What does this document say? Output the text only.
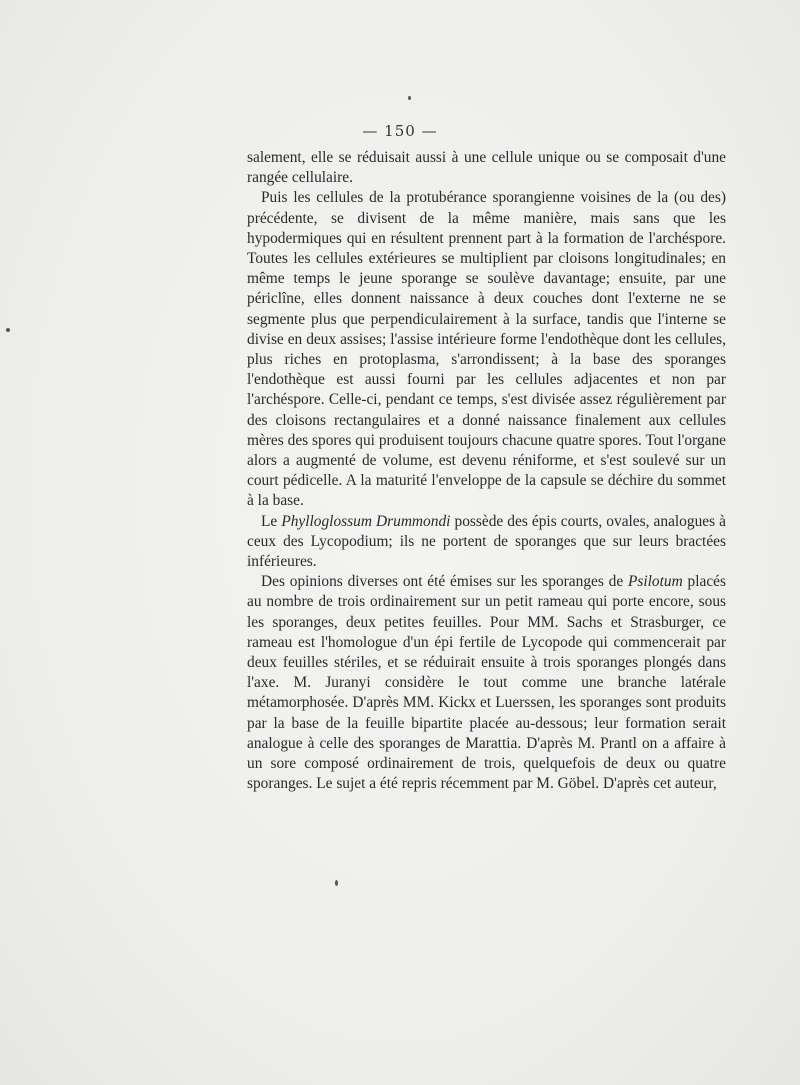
— 150 —

salement, elle se réduisait aussi à une cellule unique ou se composait d'une rangée cellulaire.

Puis les cellules de la protubérance sporangienne voisines de la (ou des) précédente, se divisent de la même manière, mais sans que les hypodermiques qui en résultent prennent part à la formation de l'archéspore. Toutes les cellules extérieures se multiplient par cloisons longitudinales; en même temps le jeune sporange se soulève davantage; ensuite, par une périclîne, elles donnent naissance à deux couches dont l'externe ne se segmente plus que perpendiculairement à la surface, tandis que l'interne se divise en deux assises; l'assise intérieure forme l'endothèque dont les cellules, plus riches en protoplasma, s'arrondissent; à la base des sporanges l'endothèque est aussi fourni par les cellules adjacentes et non par l'archéspore. Celle-ci, pendant ce temps, s'est divisée assez régulièrement par des cloisons rectangulaires et a donné naissance finalement aux cellules mères des spores qui produisent toujours chacune quatre spores. Tout l'organe alors a augmenté de volume, est devenu réniforme, et s'est soulevé sur un court pédicelle. A la maturité l'enveloppe de la capsule se déchire du sommet à la base.

Le Phylloglossum Drummondi possède des épis courts, ovales, analogues à ceux des Lycopodium; ils ne portent de sporanges que sur leurs bractées inférieures.

Des opinions diverses ont été émises sur les sporanges de Psilotum placés au nombre de trois ordinairement sur un petit rameau qui porte encore, sous les sporanges, deux petites feuilles. Pour MM. Sachs et Strasburger, ce rameau est l'homologue d'un épi fertile de Lycopode qui commencerait par deux feuilles stériles, et se réduirait ensuite à trois sporanges plongés dans l'axe. M. Juranyi considère le tout comme une branche latérale métamorphosée. D'après MM. Kickx et Luerssen, les sporanges sont produits par la base de la feuille bipartite placée au-dessous; leur formation serait analogue à celle des sporanges de Marattia. D'après M. Prantl on a affaire à un sore composé ordinairement de trois, quelquefois de deux ou quatre sporanges. Le sujet a été repris récemment par M. Göbel. D'après cet auteur,
